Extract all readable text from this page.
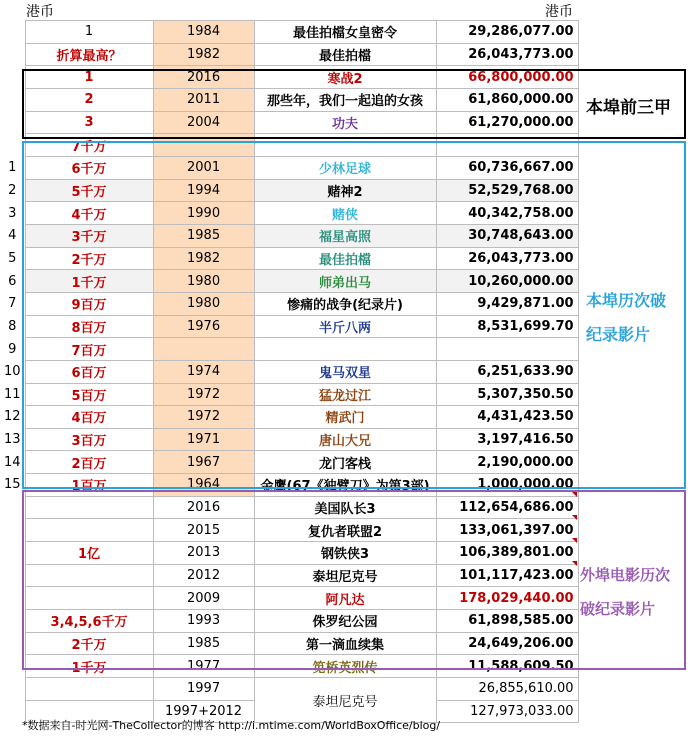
港币	港币
	1	1984	最佳拍檔女皇密令	29,286,077.00	
	折算最高？	1982	最佳拍檔	26,043,773.00	
	1	2016	寒战2	66,800,000.00	
	2	2011	那些年，我们一起追的女孩	61,860,000.00	
	3	2004	功夫	61,270,000.00	
	7千万				
1	6千万	2001	少林足球	60,736,667.00	
2	5千万	1994	赌神2	52,529,768.00	
3	4千万	1990	赌侠	40,342,758.00	
4	3千万	1985	福星高照	30,748,643.00	
5	2千万	1982	最佳拍檔	26,043,773.00	
6	1千万	1980	师弟出马	10,260,000.00	
7	9百万	1980	惨痛的战争(纪录片)	9,429,871.00	
8	8百万	1976	半斤八两	8,531,699.70	
9	7百万				
10	6百万	1974	鬼马双星	6,251,633.90	
11	5百万	1972	猛龙过江	5,307,350.50	
12	4百万	1972	精武门	4,431,423.50	
13	3百万	1971	唐山大兄	3,197,416.50	
14	2百万	1967	龙门客栈	2,190,000.00	
15	1百万	1964	金鹰(67《独臂刀》为第3部)	1,000,000.00	
		2016	美国队长3	112,654,686.00	
		2015	复仇者联盟2	133,061,397.00	
	1亿	2013	钢铁侠3	106,389,801.00	
		2012	泰坦尼克号	101,117,423.00	
		2009	阿凡达	178,029,440.00	
	3,4,5,6千万	1993	侏罗纪公园	61,898,585.00	
	2千万	1985	第一滴血续集	24,649,206.00	
	1千万	1977	笕桥英烈传	11,588,609.50	
		1997	泰坦尼克号	26,855,610.00	
		1997+2012		127,973,033.00	
本埠前三甲
本埠历次破
纪录影片
外埠电影历次
破纪录影片
*数据来自-时光网-TheCollector的博客 http://i.mtime.com/WorldBoxOffice/blog/
